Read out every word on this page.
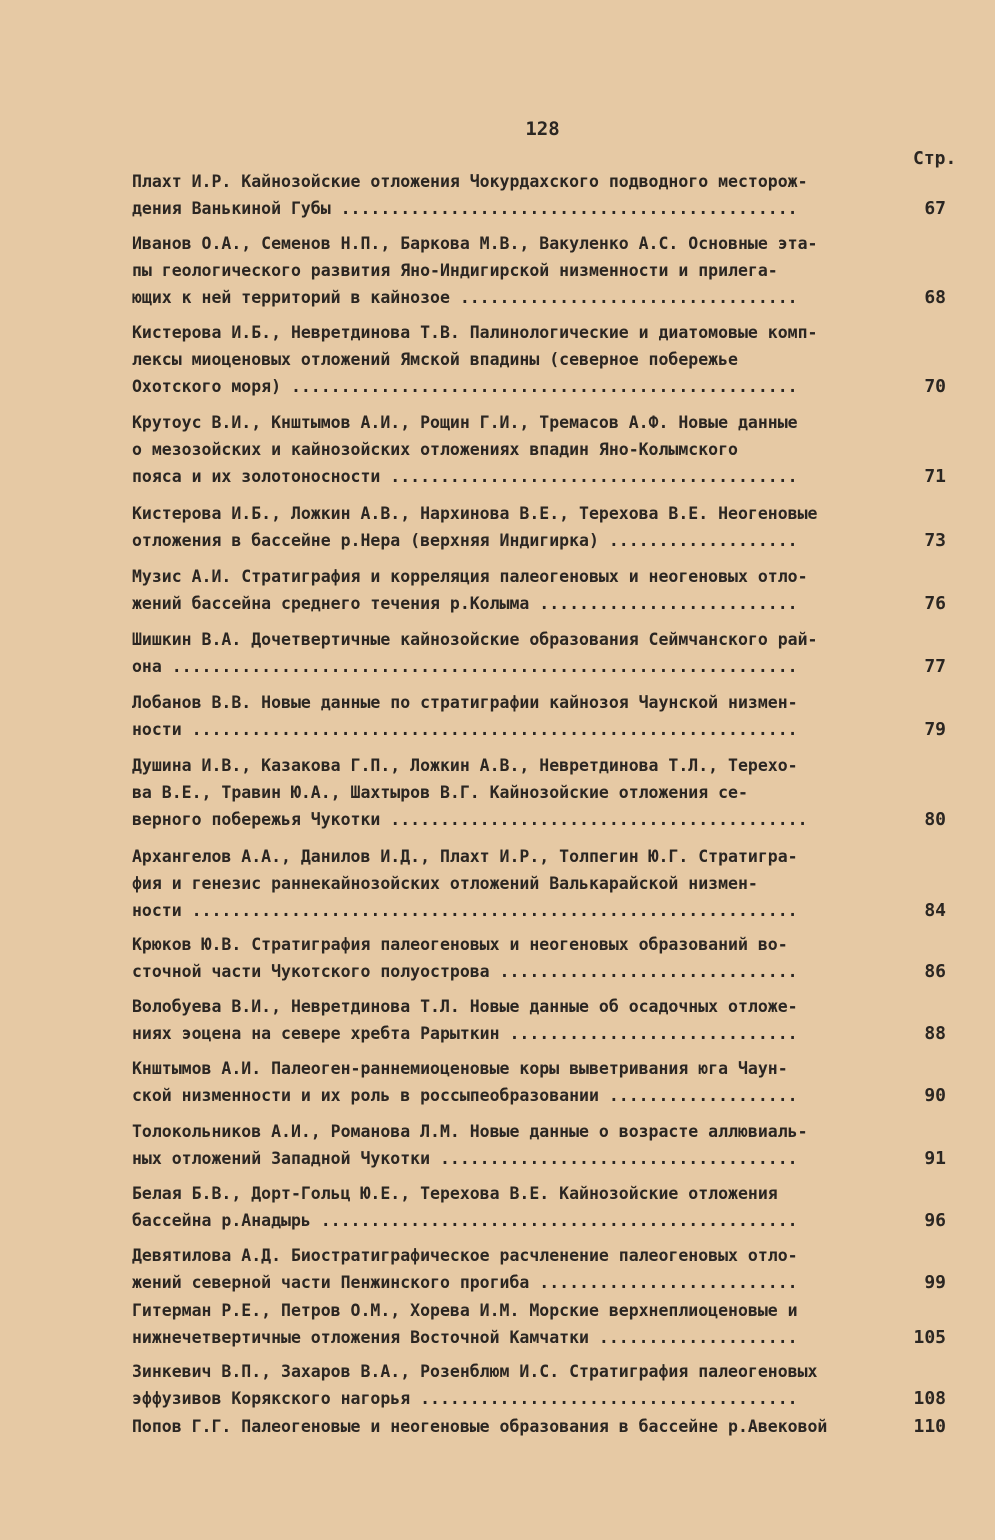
128
Стр.
Плахт И.Р. Кайнозойские отложения Чокурдахского подводного месторож-
дения Ванькиной Губы ..............................................	67
Иванов О.А., Семенов Н.П., Баркова М.В., Вакуленко А.С. Основные эта-
пы геологического развития Яно-Индигирской низменности и прилега-
ющих к ней территорий в кайнозое ..................................	68
Кистерова И.Б., Невретдинова Т.В. Палинологические и диатомовые комп-
лексы миоценовых отложений Ямской впадины (северное побережье
Охотского моря) ...................................................	70
Крутоус В.И., Кнштымов А.И., Рощин Г.И., Тремасов А.Ф. Новые данные
о мезозойских и кайнозойских отложениях впадин Яно-Колымского
пояса и их золотоносности .........................................	71
Кистерова И.Б., Ложкин А.В., Нархинова В.Е., Терехова В.Е. Неогеновые
отложения в бассейне р.Нера (верхняя Индигирка) ...................	73
Музис А.И. Стратиграфия и корреляция палеогеновых и неогеновых отло-
жений бассейна среднего течения р.Колыма ..........................	76
Шишкин В.А. Дочетвертичные кайнозойские образования Сеймчанского рай-
она ...............................................................	77
Лобанов В.В. Новые данные по стратиграфии кайнозоя Чаунской низмен-
ности .............................................................	79
Душина И.В., Казакова Г.П., Ложкин А.В., Невретдинова Т.Л., Терехо-
ва В.Е., Травин Ю.А., Шахтыров В.Г. Кайнозойские отложения се-
верного побережья Чукотки ..........................................	80
Архангелов А.А., Данилов И.Д., Плахт И.Р., Толпегин Ю.Г. Стратигра-
фия и генезис раннекайнозойских отложений Валькарайской низмен-
ности .............................................................	84
Крюков Ю.В. Стратиграфия палеогеновых и неогеновых образований во-
сточной части Чукотского полуострова ..............................	86
Волобуева В.И., Невретдинова Т.Л. Новые данные об осадочных отложе-
ниях эоцена на севере хребта Рарыткин .............................	88
Кнштымов А.И. Палеоген-раннемиоценовые коры выветривания юга Чаун-
ской низменности и их роль в россыпеобразовании ...................	90
Толокольников А.И., Романова Л.М. Новые данные о возрасте аллювиаль-
ных отложений Западной Чукотки ....................................	91
Белая Б.В., Дорт-Гольц Ю.Е., Терехова В.Е. Кайнозойские отложения
бассейна р.Анадырь ................................................	96
Девятилова А.Д. Биостратиграфическое расчленение палеогеновых отло-
жений северной части Пенжинского прогиба ..........................	99
Гитерман Р.Е., Петров О.М., Хорева И.М. Морские верхнеплиоценовые и
нижнечетвертичные отложения Восточной Камчатки ....................	105
Зинкевич В.П., Захаров В.А., Розенблюм И.С. Стратиграфия палеогеновых
эффузивов Корякского нагорья ......................................	108
Попов Г.Г. Палеогеновые и неогеновые образования в бассейне р.Авековой	110
